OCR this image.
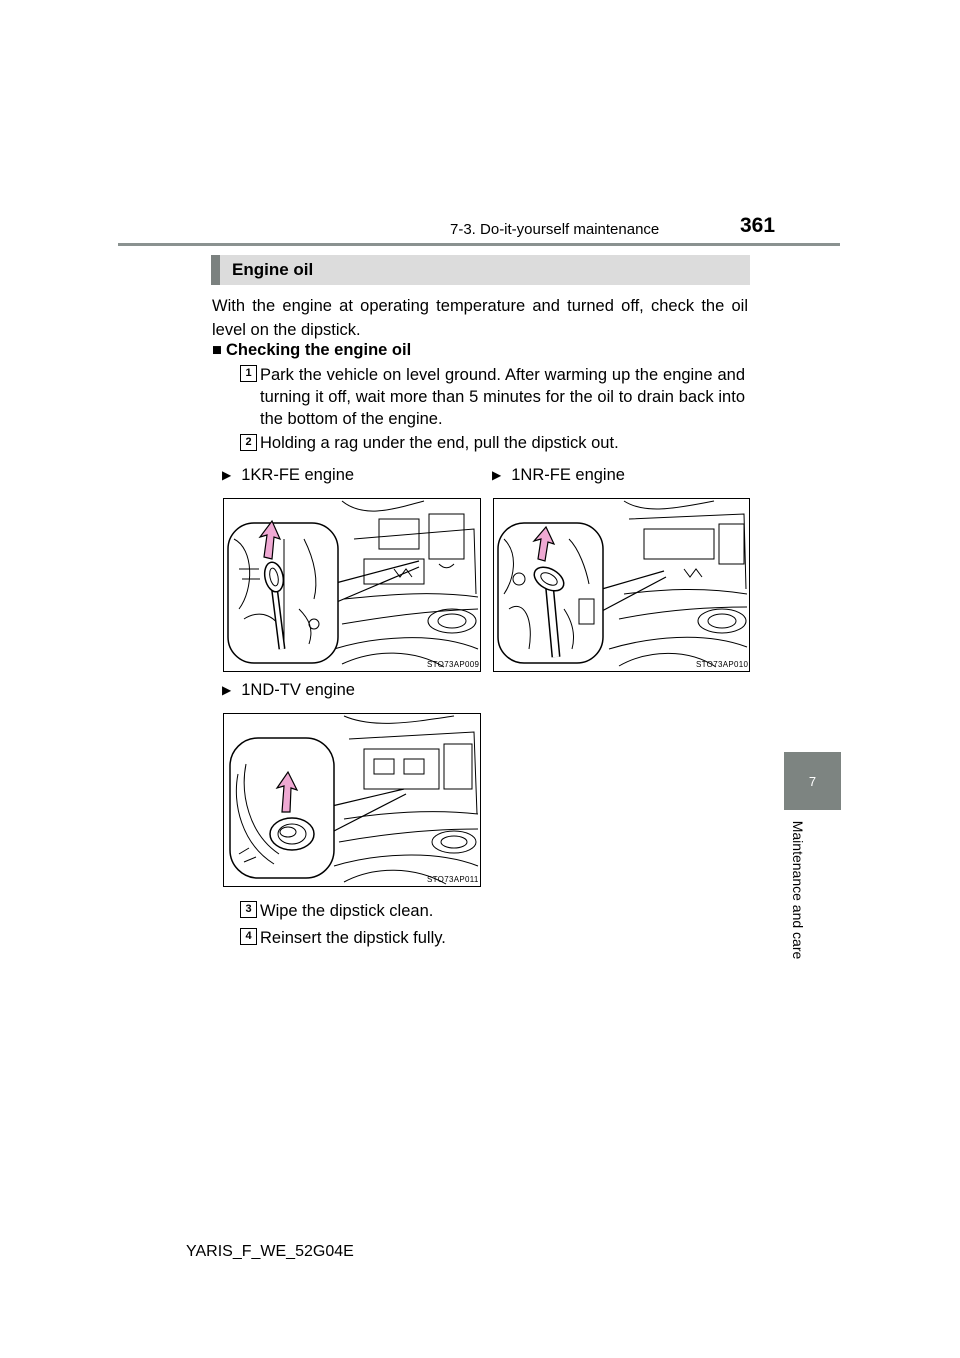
7-3. Do-it-yourself maintenance	361
7
Maintenance and care
Engine oil
With the engine at operating temperature and turned off, check the oil level on the dipstick.
■ Checking the engine oil
1 Park the vehicle on level ground. After warming up the engine and turning it off, wait more than 5 minutes for the oil to drain back into the bottom of the engine.
2 Holding a rag under the end, pull the dipstick out.
▶ 1KR-FE engine	▶ 1NR-FE engine
STO73AP009	STO73AP010
▶ 1ND-TV engine
STO73AP011
3 Wipe the dipstick clean.
4 Reinsert the dipstick fully.
YARIS_F_WE_52G04E
